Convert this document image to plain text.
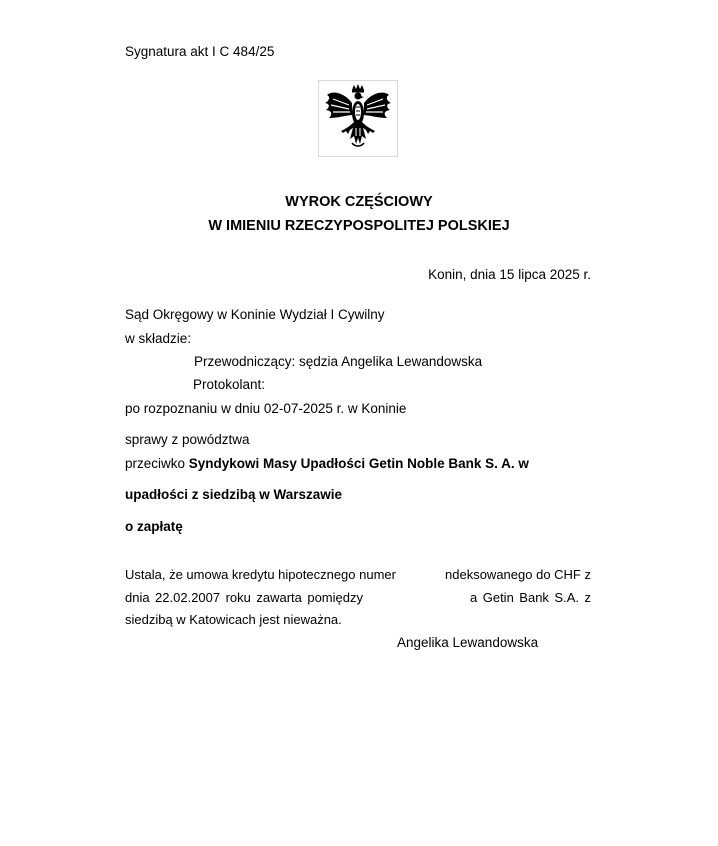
Sygnatura akt I C 484/25
WYROK CZĘŚCIOWY
W IMIENIU RZECZYPOSPOLITEJ POLSKIEJ
Konin, dnia 15 lipca 2025 r.
Sąd Okręgowy w Koninie Wydział I Cywilny
w składzie:
Przewodniczący: sędzia Angelika Lewandowska
Protokolant:
po rozpoznaniu w dniu 02-07-2025 r. w Koninie
sprawy z powództwa
przeciwko Syndykowi Masy Upadłości Getin Noble Bank S. A. w
upadłości z siedzibą w Warszawie
o zapłatę
Ustala, że umowa kredytu hipotecznego numer	ndeksowanego do CHF z
dnia 22.02.2007 roku zawarta pomiędzy	a Getin Bank S.A. z
siedzibą w Katowicach jest nieważna.
Angelika Lewandowska
